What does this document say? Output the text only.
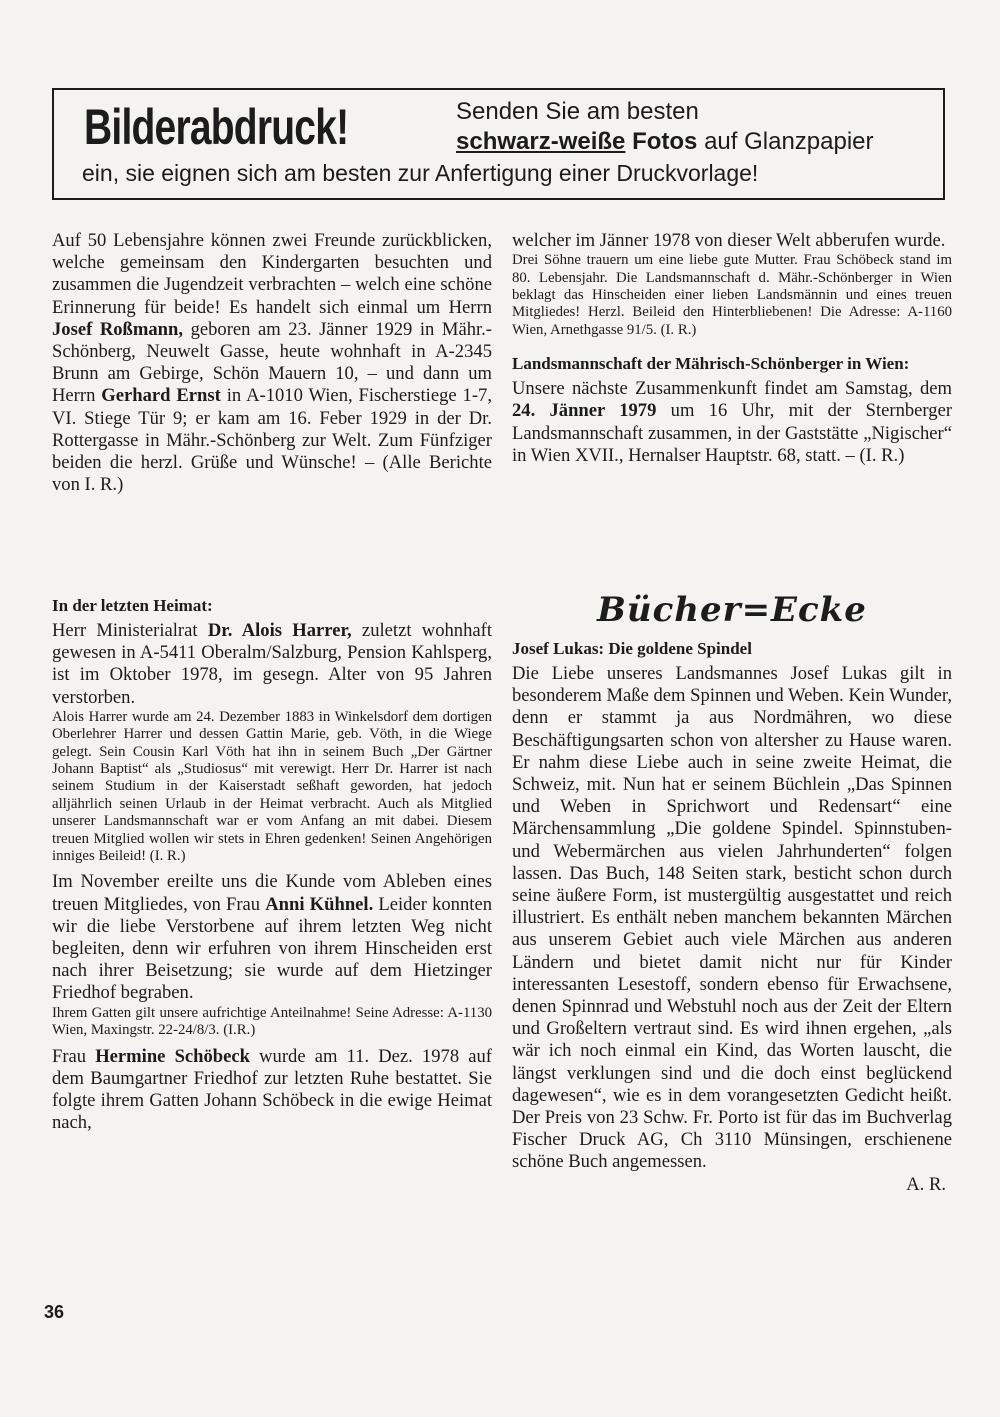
Bilderabdruck!	Senden Sie am besten
schwarz-weiße Fotos auf Glanzpapier
ein, sie eignen sich am besten zur Anfertigung einer Druckvorlage!

Auf 50 Lebensjahre können zwei Freunde zurückblicken, welche gemeinsam den Kindergarten besuchten und zusammen die Jugendzeit verbrachten – welch eine schöne Erinnerung für beide! Es handelt sich einmal um Herrn Josef Roßmann, geboren am 23. Jänner 1929 in Mähr.-Schönberg, Neuwelt Gasse, heute wohnhaft in A-2345 Brunn am Gebirge, Schön Mauern 10, – und dann um Herrn Gerhard Ernst in A-1010 Wien, Fischerstiege 1-7, VI. Stiege Tür 9; er kam am 16. Feber 1929 in der Dr. Rottergasse in Mähr.-Schönberg zur Welt. Zum Fünfziger beiden die herzl. Grüße und Wünsche! – (Alle Berichte von I. R.)

In der letzten Heimat:

Herr Ministerialrat Dr. Alois Harrer, zuletzt wohnhaft gewesen in A-5411 Oberalm/Salzburg, Pension Kahlsperg, ist im Oktober 1978, im gesegn. Alter von 95 Jahren verstorben.

Alois Harrer wurde am 24. Dezember 1883 in Winkelsdorf dem dortigen Oberlehrer Harrer und dessen Gattin Marie, geb. Vöth, in die Wiege gelegt. Sein Cousin Karl Vöth hat ihn in seinem Buch „Der Gärtner Johann Baptist“ als „Studiosus“ mit verewigt. Herr Dr. Harrer ist nach seinem Studium in der Kaiserstadt seßhaft geworden, hat jedoch alljährlich seinen Urlaub in der Heimat verbracht. Auch als Mitglied unserer Landsmannschaft war er vom Anfang an mit dabei. Diesem treuen Mitglied wollen wir stets in Ehren gedenken! Seinen Angehörigen inniges Beileid! (I. R.)

Im November ereilte uns die Kunde vom Ableben eines treuen Mitgliedes, von Frau Anni Kühnel. Leider konnten wir die liebe Verstorbene auf ihrem letzten Weg nicht begleiten, denn wir erfuhren von ihrem Hinscheiden erst nach ihrer Beisetzung; sie wurde auf dem Hietzinger Friedhof begraben.

Ihrem Gatten gilt unsere aufrichtige Anteilnahme! Seine Adresse: A-1130 Wien, Maxingstr. 22-24/8/3. (I.R.)

Frau Hermine Schöbeck wurde am 11. Dez. 1978 auf dem Baumgartner Friedhof zur letzten Ruhe bestattet. Sie folgte ihrem Gatten Johann Schöbeck in die ewige Heimat nach,

welcher im Jänner 1978 von dieser Welt abberufen wurde.

Drei Söhne trauern um eine liebe gute Mutter. Frau Schöbeck stand im 80. Lebensjahr. Die Landsmannschaft d. Mähr.-Schönberger in Wien beklagt das Hinscheiden einer lieben Landsmännin und eines treuen Mitgliedes! Herzl. Beileid den Hinterbliebenen! Die Adresse: A-1160 Wien, Arnethgasse 91/5. (I. R.)

Landsmannschaft der Mährisch-Schönberger in Wien:

Unsere nächste Zusammenkunft findet am Samstag, dem 24. Jänner 1979 um 16 Uhr, mit der Sternberger Landsmannschaft zusammen, in der Gaststätte „Nigischer“ in Wien XVII., Hernalser Hauptstr. 68, statt. – (I. R.)

Bücher=Ecke
Josef Lukas: Die goldene Spindel

Die Liebe unseres Landsmannes Josef Lukas gilt in besonderem Maße dem Spinnen und Weben. Kein Wunder, denn er stammt ja aus Nordmähren, wo diese Beschäftigungsarten schon von altersher zu Hause waren. Er nahm diese Liebe auch in seine zweite Heimat, die Schweiz, mit. Nun hat er seinem Büchlein „Das Spinnen und Weben in Sprichwort und Redensart“ eine Märchensammlung „Die goldene Spindel. Spinnstuben- und Webermärchen aus vielen Jahrhunderten“ folgen lassen. Das Buch, 148 Seiten stark, besticht schon durch seine äußere Form, ist mustergültig ausgestattet und reich illustriert. Es enthält neben manchem bekannten Märchen aus unserem Gebiet auch viele Märchen aus anderen Ländern und bietet damit nicht nur für Kinder interessanten Lesestoff, sondern ebenso für Erwachsene, denen Spinnrad und Webstuhl noch aus der Zeit der Eltern und Großeltern vertraut sind. Es wird ihnen ergehen, „als wär ich noch einmal ein Kind, das Worten lauscht, die längst verklungen sind und die doch einst beglückend dagewesen“, wie es in dem vorangesetzten Gedicht heißt. Der Preis von 23 Schw. Fr. Porto ist für das im Buchverlag Fischer Druck AG, Ch 3110 Münsingen, erschienene schöne Buch angemessen.

A. R.

36
